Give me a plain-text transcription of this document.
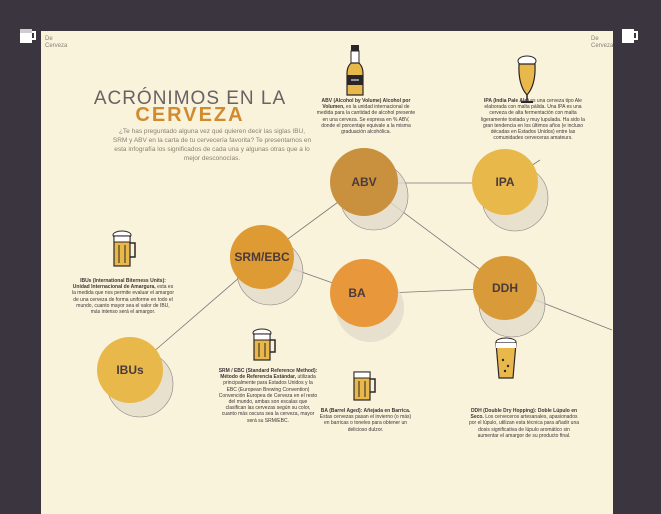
De
Cerveza
De
Cerveza
ACRÓNIMOS EN LA
CERVEZA
¿Te has preguntado alguna vez qué quieren decir las siglas IBU, SRM y ABV en la carta de tu cervecería favorita? Te presentamos en esta infografía los significados de cada una y algunas otras que a lo mejor desconocías.
IBUs
SRM/EBC
ABV
BA
IPA
DDH
IBUs (International Biterness Units): Unidad Internacional de Amargura, esta es la medida que nos permite evaluar el amargor de una cerveza de forma uniforme en todo el mundo, cuanto mayor sea el valor de IBU, más intenso será el amargor.
SRM / EBC (Standard Reference Method): Método de Referencia Estándar, utilizada principalmente para Estados Unidos y la EBC (European Brewing Convention) Convención Europea de Cerveza en el resto del mundo, ambas son escalas que clasifican las cervezas según su color, cuanto más oscura sea la cerveza, mayor será su SRM/EBC.
ABV (Alcohol by Volume) Alcohol por Volumen, es la unidad internacional de medida para la cantidad de alcohol presente en una cerveza. Se expresa en % ABV, donde el porcentaje equivale a la misma graduación alcohólica.
BA (Barrel Aged): Añejada en Barrica. Estas cervezas pasan el invierno (o más) en barricas o toneles para obtener un delicioso dulzor.
IPA (India Pale Ale) es una cerveza tipo Ale elaborada con malta pálida. Una IPA es una cerveza de alta fermentación con malta ligeramente tostada y muy lupulada. Ha sido la gran tendencia en los últimos años (e incluso décadas en Estados Unidos) entre las comunidades cerveceras amateurs.
DDH (Double Dry Hopping): Doble Lúpulo en Seco. Los cerveceros artesanales, apasionados por el lúpulo, utilizan esta técnica para añadir una dosis significativa de lúpulo aromático sin aumentar el amargor de su producto final.
